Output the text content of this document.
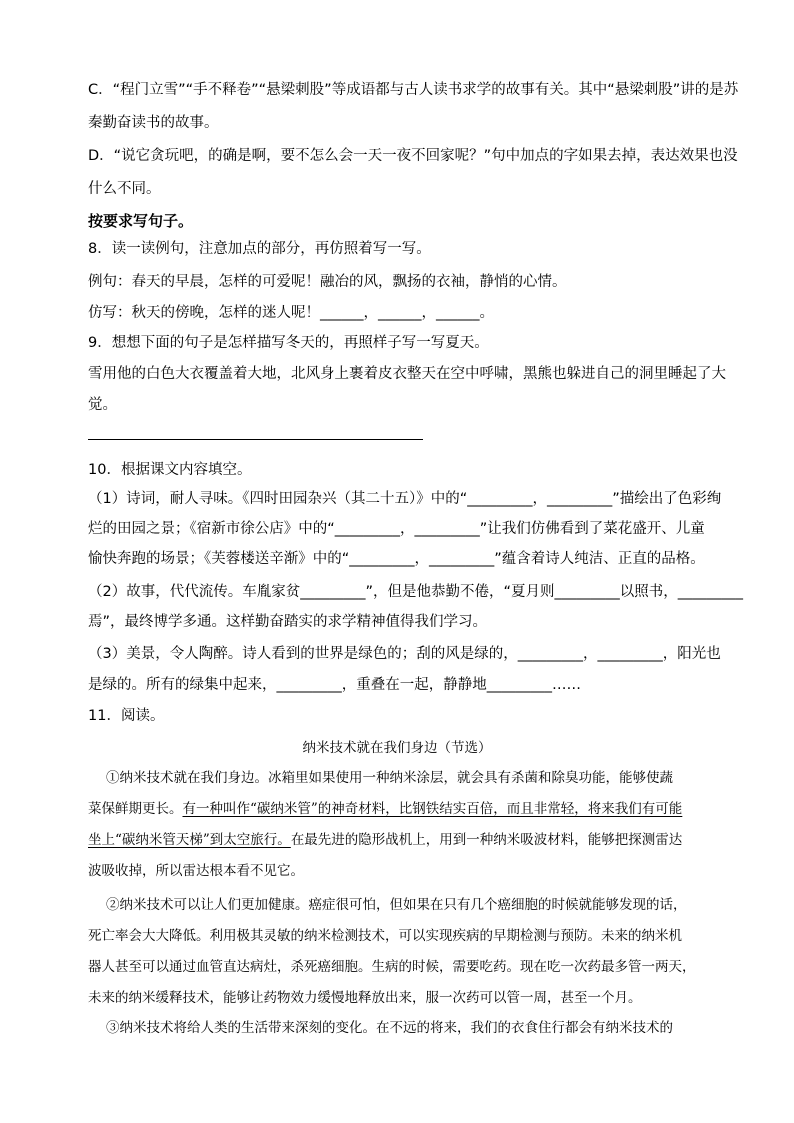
C．“程门立雪”“手不释卷”“悬梁刺股”等成语都与古人读书求学的故事有关。其中“悬梁刺股”讲的是苏
秦勤奋读书的故事。
D．“说它贪玩吧，的确是啊，要不怎么会一天一夜不回家呢？”句中加点的字如果去掉，表达效果也没
什么不同。
按要求写句子。
8．读一读例句，注意加点的部分，再仿照着写一写。
例句：春天的早晨，怎样的可爱呢！融冶的风，飘扬的衣袖，静悄的心情。
仿写：秋天的傍晚，怎样的迷人呢！______，______，______。
9．想想下面的句子是怎样描写冬天的，再照样子写一写夏天。
雪用他的白色大衣覆盖着大地，北风身上裹着皮衣整天在空中呼啸，黑熊也躲进自己的洞里睡起了大
觉。
10．根据课文内容填空。
（1）诗词，耐人寻味。《四时田园杂兴（其二十五）》中的“_________，_________”描绘出了色彩绚
烂的田园之景；《宿新市徐公店》中的“_________，_________”让我们仿佛看到了菜花盛开、儿童
愉快奔跑的场景；《芙蓉楼送辛渐》中的“_________，_________”蕴含着诗人纯洁、正直的品格。
（2）故事，代代流传。车胤家贫_________”，但是他恭勤不倦，“夏月则_________以照书，_________
焉”，最终博学多通。这样勤奋踏实的求学精神值得我们学习。
（3）美景，令人陶醉。诗人看到的世界是绿色的；刮的风是绿的，_________，_________，阳光也
是绿的。所有的绿集中起来，_________，重叠在一起，静静地_________……
11．阅读。
纳米技术就在我们身边（节选）
①纳米技术就在我们身边。冰箱里如果使用一种纳米涂层，就会具有杀菌和除臭功能，能够使蔬
菜保鲜期更长。有一种叫作“碳纳米管”的神奇材料，比钢铁结实百倍，而且非常轻，将来我们有可能
坐上“碳纳米管天梯”到太空旅行。在最先进的隐形战机上，用到一种纳米吸波材料，能够把探测雷达
波吸收掉，所以雷达根本看不见它。
②纳米技术可以让人们更加健康。癌症很可怕，但如果在只有几个癌细胞的时候就能够发现的话，
死亡率会大大降低。利用极其灵敏的纳米检测技术，可以实现疾病的早期检测与预防。未来的纳米机
器人甚至可以通过血管直达病灶，杀死癌细胞。生病的时候，需要吃药。现在吃一次药最多管一两天，
未来的纳米缓释技术，能够让药物效力缓慢地释放出来，服一次药可以管一周，甚至一个月。
③纳米技术将给人类的生活带来深刻的变化。在不远的将来，我们的衣食住行都会有纳米技术的
